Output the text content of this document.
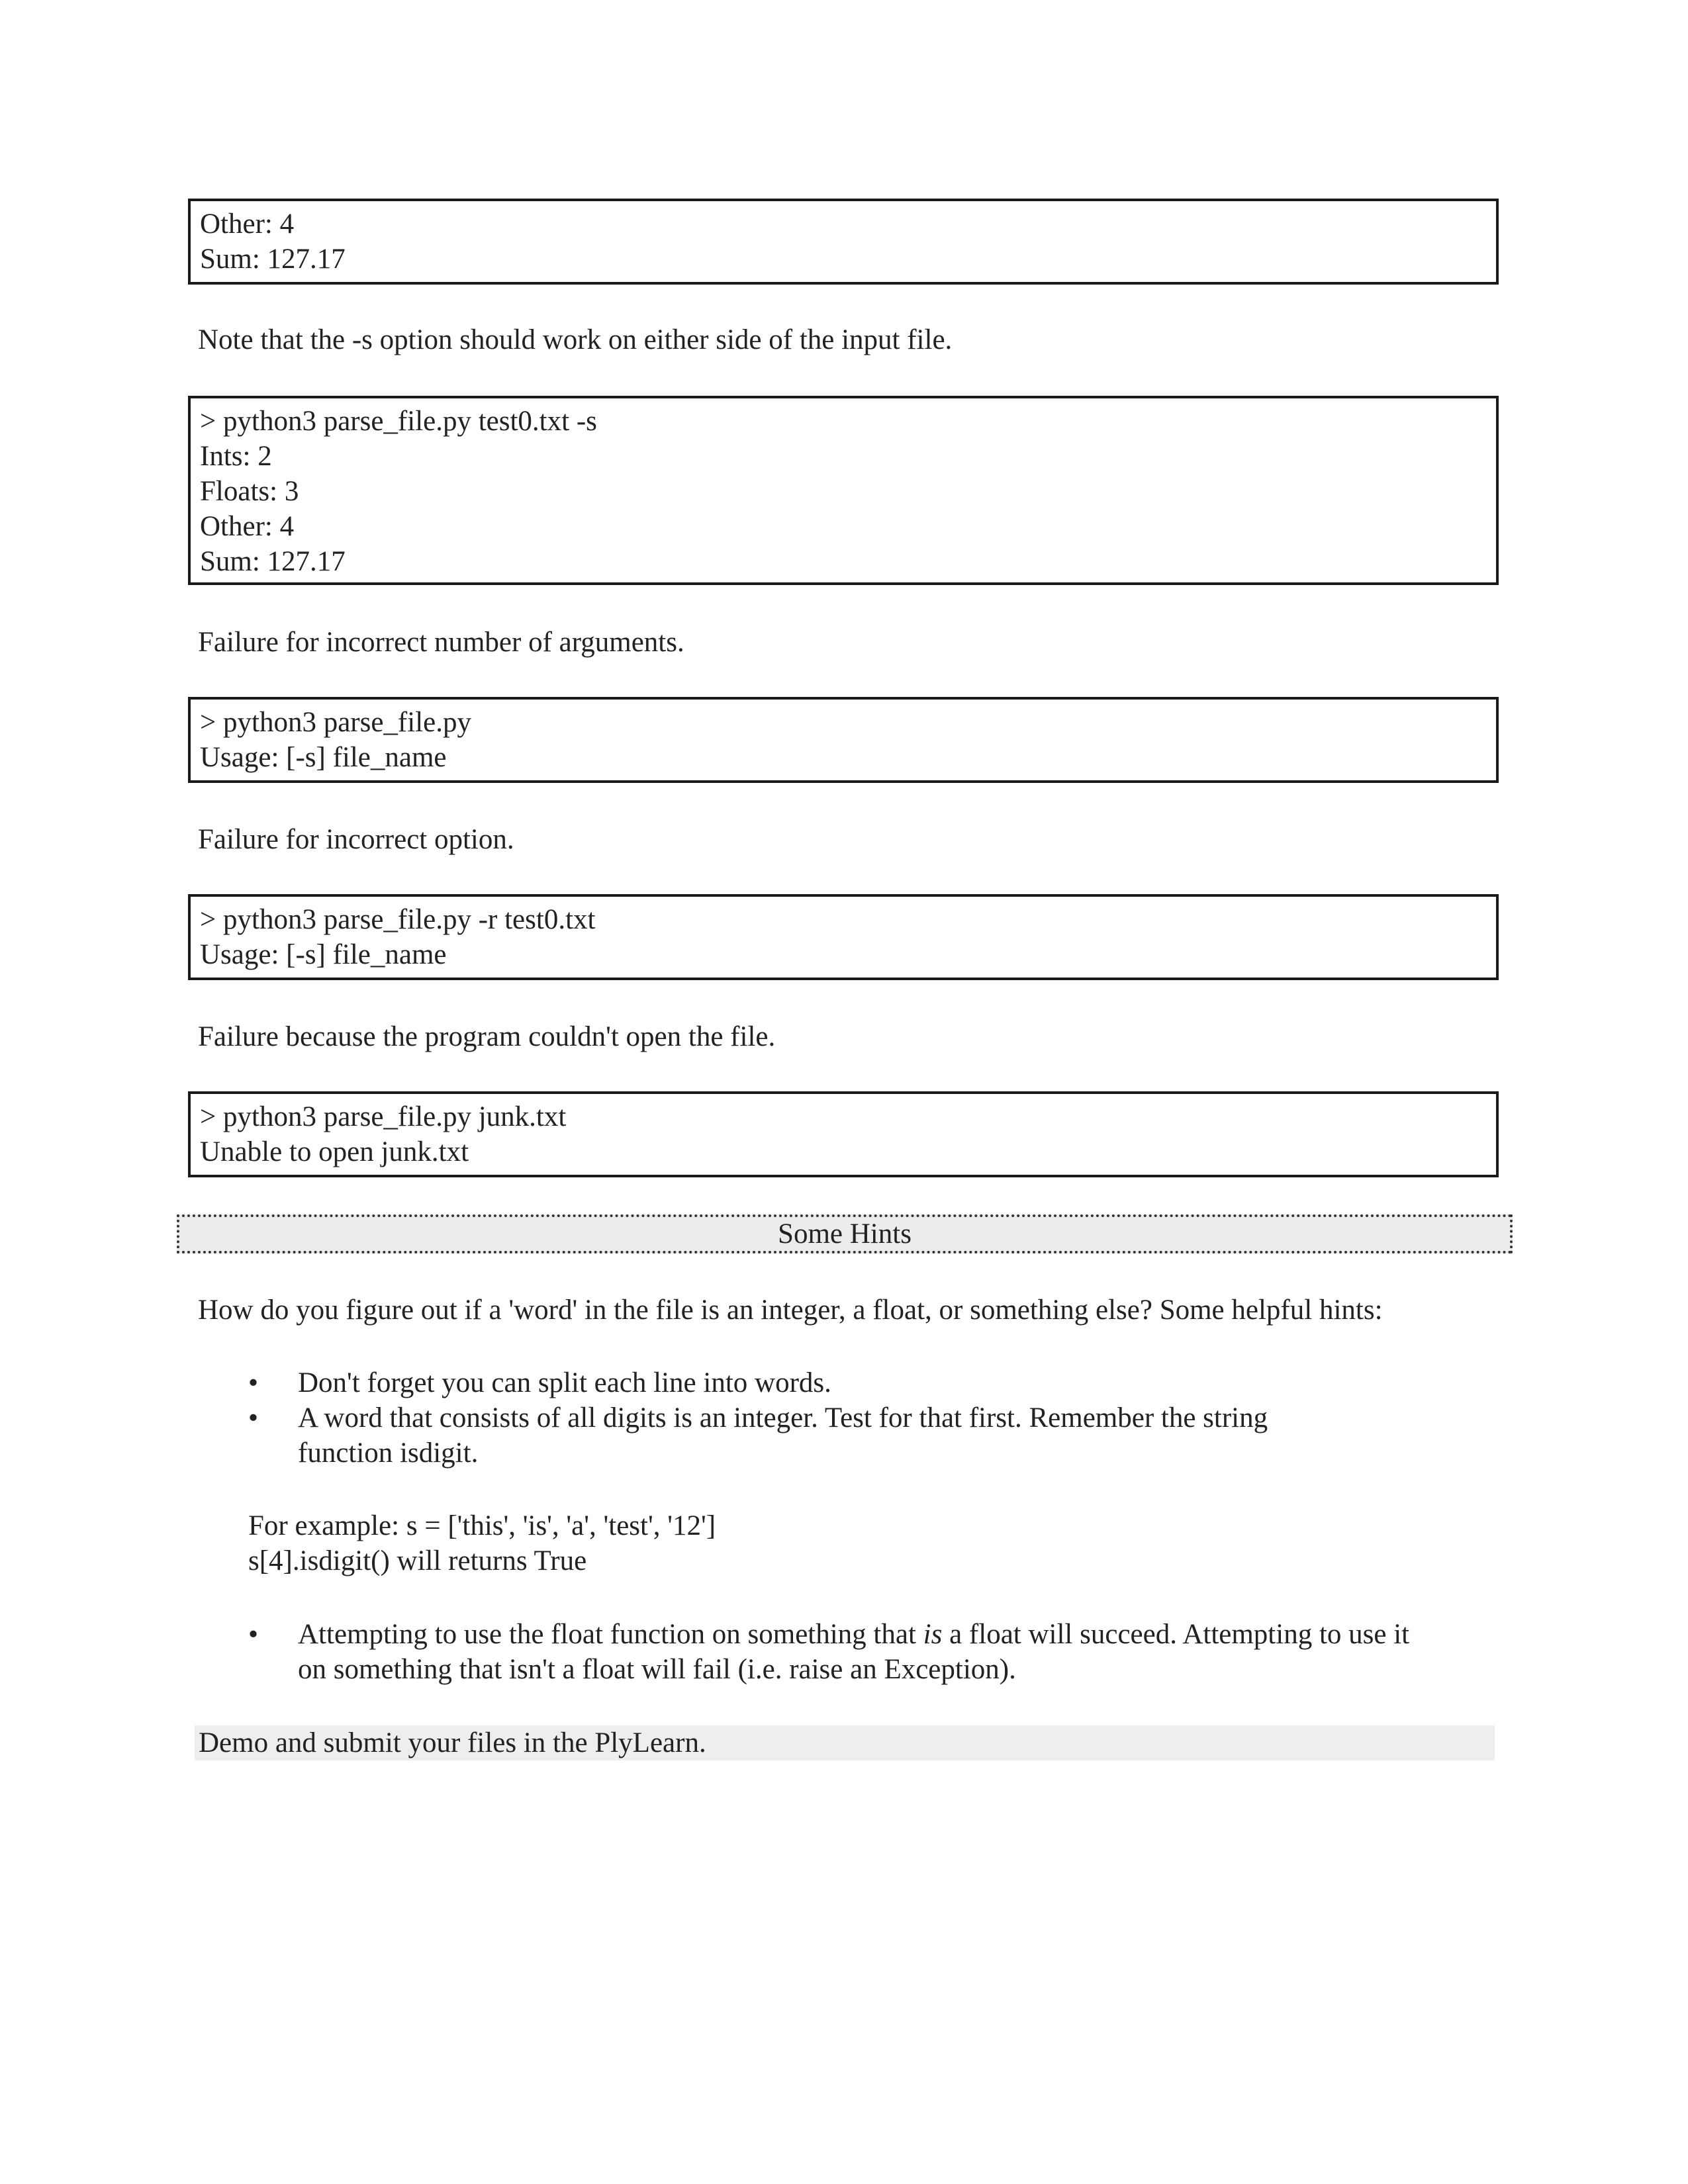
Other: 4
Sum: 127.17
Note that the -s option should work on either side of the input file.
> python3 parse_file.py test0.txt -s
Ints: 2
Floats: 3
Other: 4
Sum: 127.17
Failure for incorrect number of arguments.
> python3 parse_file.py
Usage: [-s] file_name
Failure for incorrect option.
> python3 parse_file.py -r test0.txt
Usage: [-s] file_name
Failure because the program couldn't open the file.
> python3 parse_file.py junk.txt
Unable to open junk.txt
Some Hints
How do you figure out if a 'word' in the file is an integer, a float, or something else? Some helpful hints:
• Don't forget you can split each line into words.
• A word that consists of all digits is an integer. Test for that first. Remember the string
function isdigit.
For example: s = ['this', 'is', 'a', 'test', '12']
s[4].isdigit() will returns True
• Attempting to use the float function on something that is a float will succeed. Attempting to use it
on something that isn't a float will fail (i.e. raise an Exception).
Demo and submit your files in the PlyLearn.
